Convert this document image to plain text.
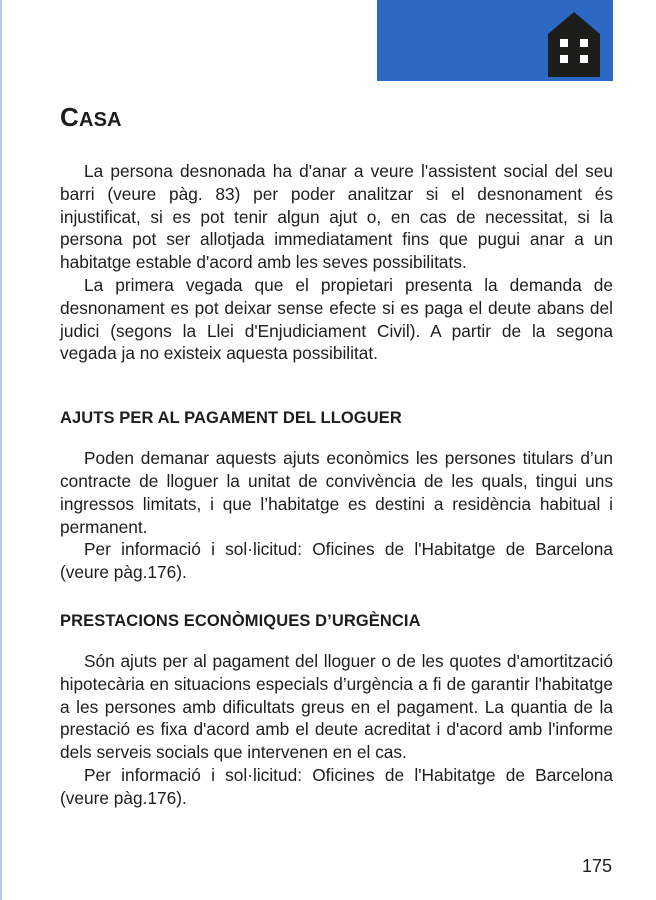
CASA

La persona desnonada ha d'anar a veure l'assistent social del seu barri (veure pàg. 83) per poder analitzar si el desnonament és injustificat, si es pot tenir algun ajut o, en cas de necessitat, si la persona pot ser allotjada immediatament fins que pugui anar a un habitatge estable d'acord amb les seves possibilitats.

La primera vegada que el propietari presenta la demanda de desnonament es pot deixar sense efecte si es paga el deute abans del judici (segons la Llei d'Enjudiciament Civil). A partir de la segona vegada ja no existeix aquesta possibilitat.

AJUTS PER AL PAGAMENT DEL LLOGUER

Poden demanar aquests ajuts econòmics les persones titulars d’un contracte de lloguer la unitat de convivència de les quals, tingui uns ingressos limitats, i que l’habitatge es destini a residència habitual i permanent.

Per informació i sol·licitud: Oficines de l'Habitatge de Barcelona (veure pàg.176).

PRESTACIONS ECONÒMIQUES D’URGÈNCIA

Són ajuts per al pagament del lloguer o de les quotes d'amortització hipotecària en situacions especials d’urgència a fi de garantir l'habitatge a les persones amb dificultats greus en el pagament. La quantia de la prestació es fixa d'acord amb el deute acreditat i d'acord amb l'informe dels serveis socials que intervenen en el cas.

Per informació i sol·licitud: Oficines de l'Habitatge de Barcelona (veure pàg.176).

175
